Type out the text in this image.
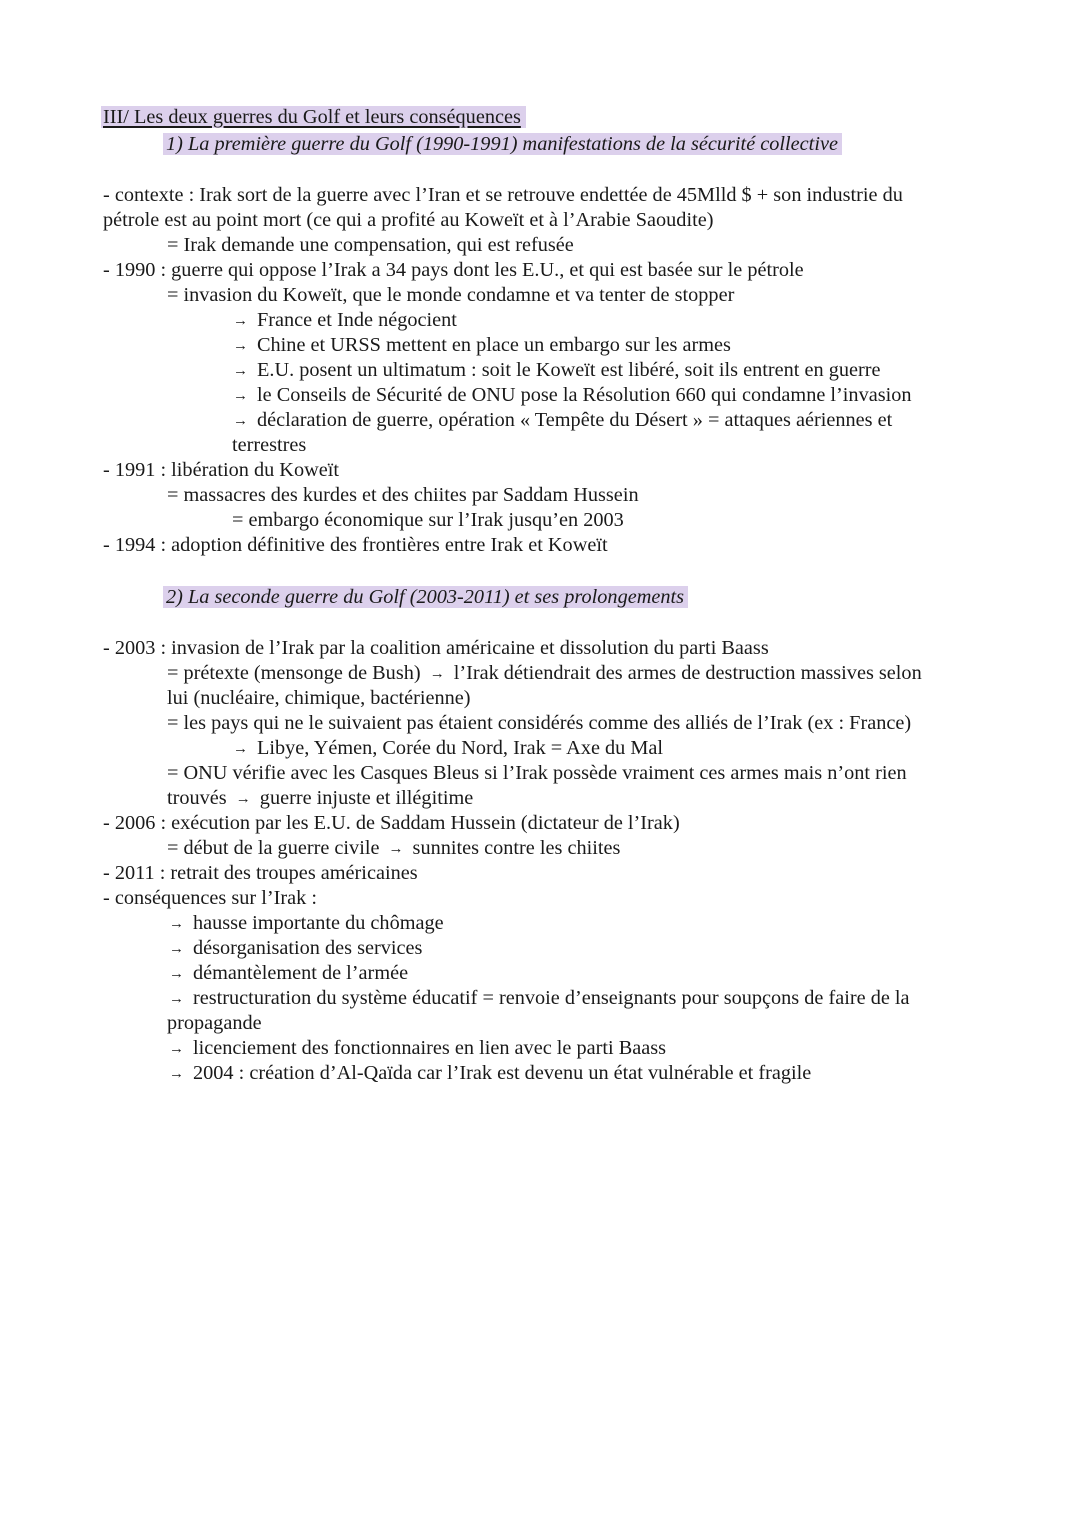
III/ Les deux guerres du Golf et leurs conséquences
1) La première guerre du Golf (1990-1991) manifestations de la sécurité collective
- contexte : Irak sort de la guerre avec l’Iran et se retrouve endettée de 45Mlld $ + son industrie du
pétrole est au point mort (ce qui a profité au Koweït et à l’Arabie Saoudite)
= Irak demande une compensation, qui est refusée
- 1990 : guerre qui oppose l’Irak a 34 pays dont les E.U., et qui est basée sur le pétrole
= invasion du Koweït, que le monde condamne et va tenter de stopper
→ France et Inde négocient
→ Chine et URSS mettent en place un embargo sur les armes
→ E.U. posent un ultimatum : soit le Koweït est libéré, soit ils entrent en guerre
→ le Conseils de Sécurité de ONU pose la Résolution 660 qui condamne l’invasion
→ déclaration de guerre, opération « Tempête du Désert » = attaques aériennes et
terrestres
- 1991 : libération du Koweït
= massacres des kurdes et des chiites par Saddam Hussein
= embargo économique sur l’Irak jusqu’en 2003
- 1994 : adoption définitive des frontières entre Irak et Koweït
2) La seconde guerre du Golf (2003-2011) et ses prolongements
- 2003 : invasion de l’Irak par la coalition américaine et dissolution du parti Baass
= prétexte (mensonge de Bush) → l’Irak détiendrait des armes de destruction massives selon
lui (nucléaire, chimique, bactérienne)
= les pays qui ne le suivaient pas étaient considérés comme des alliés de l’Irak (ex : France)
→ Libye, Yémen, Corée du Nord, Irak = Axe du Mal
= ONU vérifie avec les Casques Bleus si l’Irak possède vraiment ces armes mais n’ont rien
trouvés → guerre injuste et illégitime
- 2006 : exécution par les E.U. de Saddam Hussein (dictateur de l’Irak)
= début de la guerre civile → sunnites contre les chiites
- 2011 : retrait des troupes américaines
- conséquences sur l’Irak :
→ hausse importante du chômage
→ désorganisation des services
→ démantèlement de l’armée
→ restructuration du système éducatif = renvoie d’enseignants pour soupçons de faire de la
propagande
→ licenciement des fonctionnaires en lien avec le parti Baass
→ 2004 : création d’Al-Qaïda car l’Irak est devenu un état vulnérable et fragile
